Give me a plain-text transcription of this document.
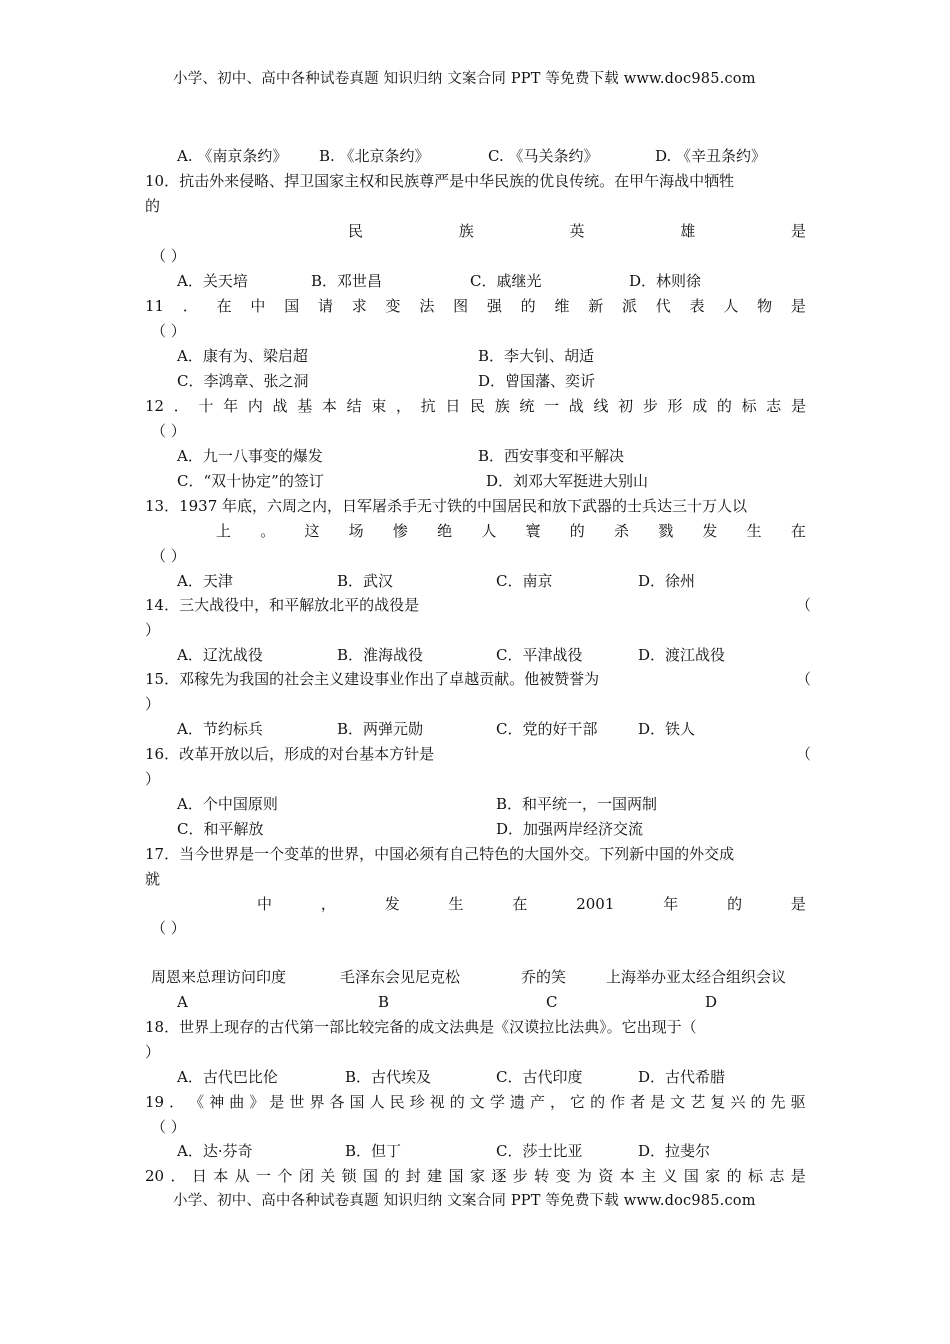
小学、初中、高中各种试卷真题 知识归纳 文案合同 PPT 等免费下载 www.doc985.com
A. 《南京条约》 B. 《北京条约》	C. 《马关条约》	D. 《辛丑条约》
10．抗击外来侵略、捍卫国家主权和民族尊严是中华民族的优良传统。在甲午海战中牺牲
的
民	族	英	雄	是
（ ）
A．关天培	B．邓世昌	C．戚继光	D．林则徐
11 ． 在 中 国 请 求 变 法 图 强 的 维 新 派 代 表 人 物 是
（ ）
A．康有为、梁启超	B．李大钊、胡适
C．李鸿章、张之洞	D．曾国藩、奕䜣
12 ． 十 年 内 战 基 本 结 束 ， 抗 日 民 族 统 一 战 线 初 步 形 成 的 标 志 是
（ ）
A．九一八事变的爆发	B．西安事变和平解决
C．“双十协定”的签订	D．刘邓大军挺进大别山
13．1937 年底，六周之内，日军屠杀手无寸铁的中国居民和放下武器的士兵达三十万人以
上 。 这 场 惨 绝 人 寰 的 杀 戮 发 生 在
（ ）
A．天津	B．武汉	C．南京	D．徐州
14．三大战役中，和平解放北平的战役是	（
）
A．辽沈战役	B．淮海战役	C．平津战役	D．渡江战役
15．邓稼先为我国的社会主义建设事业作出了卓越贡献。他被赞誉为	（
）
A．节约标兵	B．两弹元勋	C．党的好干部	D．铁人
16．改革开放以后，形成的对台基本方针是	（
）
A．个中国原则	B．和平统一，一国两制
C．和平解放	D．加强两岸经济交流
17．当今世界是一个变革的世界，中国必须有自己特色的大国外交。下列新中国的外交成
就
中	，	发	生	在	2001	年	的	是
（ ）
周恩来总理访问印度	毛泽东会见尼克松	乔的笑	上海举办亚太经合组织会议
A	B	C	D
18．世界上现存的古代第一部比较完备的成文法典是《汉谟拉比法典》。它出现于（
）
A．古代巴比伦	B．古代埃及	C．古代印度	D．古代希腊
19 ． 《 神 曲 》 是 世 界 各 国 人 民 珍 视 的 文 学 遗 产 ， 它 的 作 者 是 文 艺 复 兴 的 先 驱
（ ）
A．达·芬奇	B．但丁	C．莎士比亚	D．拉斐尔
20 ． 日 本 从 一 个 闭 关 锁 国 的 封 建 国 家 逐 步 转 变 为 资 本 主 义 国 家 的 标 志 是
小学、初中、高中各种试卷真题 知识归纳 文案合同 PPT 等免费下载 www.doc985.com
